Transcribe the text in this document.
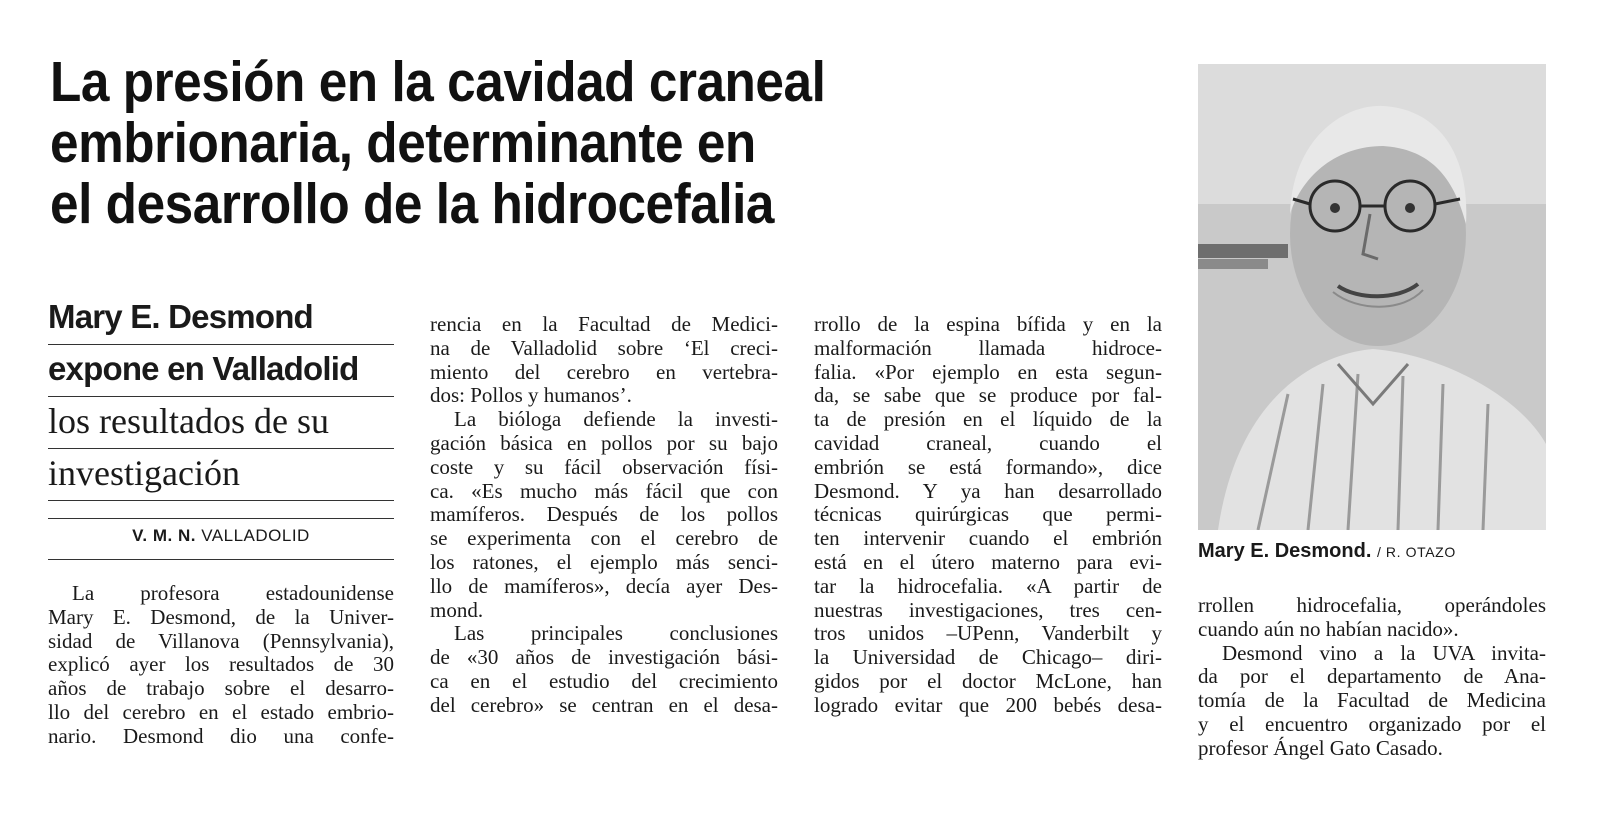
La presión en la cavidad craneal
embrionaria, determinante en
el desarrollo de la hidrocefalia
Mary E. Desmond
expone en Valladolid
los resultados de su
investigación
V. M. N. VALLADOLID

La profesora estadounidense
Mary E. Desmond, de la Univer-
sidad de Villanova (Pennsylvania),
explicó ayer los resultados de 30
años de trabajo sobre el desarro-
llo del cerebro en el estado embrio-
nario. Desmond dio una confe-

rencia en la Facultad de Medici-
na de Valladolid sobre ‘El creci-
miento del cerebro en vertebra-
dos: Pollos y humanos’.

La bióloga defiende la investi-
gación básica en pollos por su bajo
coste y su fácil observación físi-
ca. «Es mucho más fácil que con
mamíferos. Después de los pollos
se experimenta con el cerebro de
los ratones, el ejemplo más senci-
llo de mamíferos», decía ayer Des-
mond.

Las principales conclusiones
de «30 años de investigación bási-
ca en el estudio del crecimiento
del cerebro» se centran en el desa-

rrollo de la espina bífida y en la
malformación llamada hidroce-
falia. «Por ejemplo en esta segun-
da, se sabe que se produce por fal-
ta de presión en el líquido de la
cavidad craneal, cuando el
embrión se está formando», dice
Desmond. Y ya han desarrollado
técnicas quirúrgicas que permi-
ten intervenir cuando el embrión
está en el útero materno para evi-
tar la hidrocefalia. «A partir de
nuestras investigaciones, tres cen-
tros unidos –UPenn, Vanderbilt y
la Universidad de Chicago– diri-
gidos por el doctor McLone, han
logrado evitar que 200 bebés desa-

rrollen hidrocefalia, operándoles
cuando aún no habían nacido».

Desmond vino a la UVA invita-
da por el departamento de Ana-
tomía de la Facultad de Medicina
y el encuentro organizado por el
profesor Ángel Gato Casado.

Mary E. Desmond. / R. OTAZO
